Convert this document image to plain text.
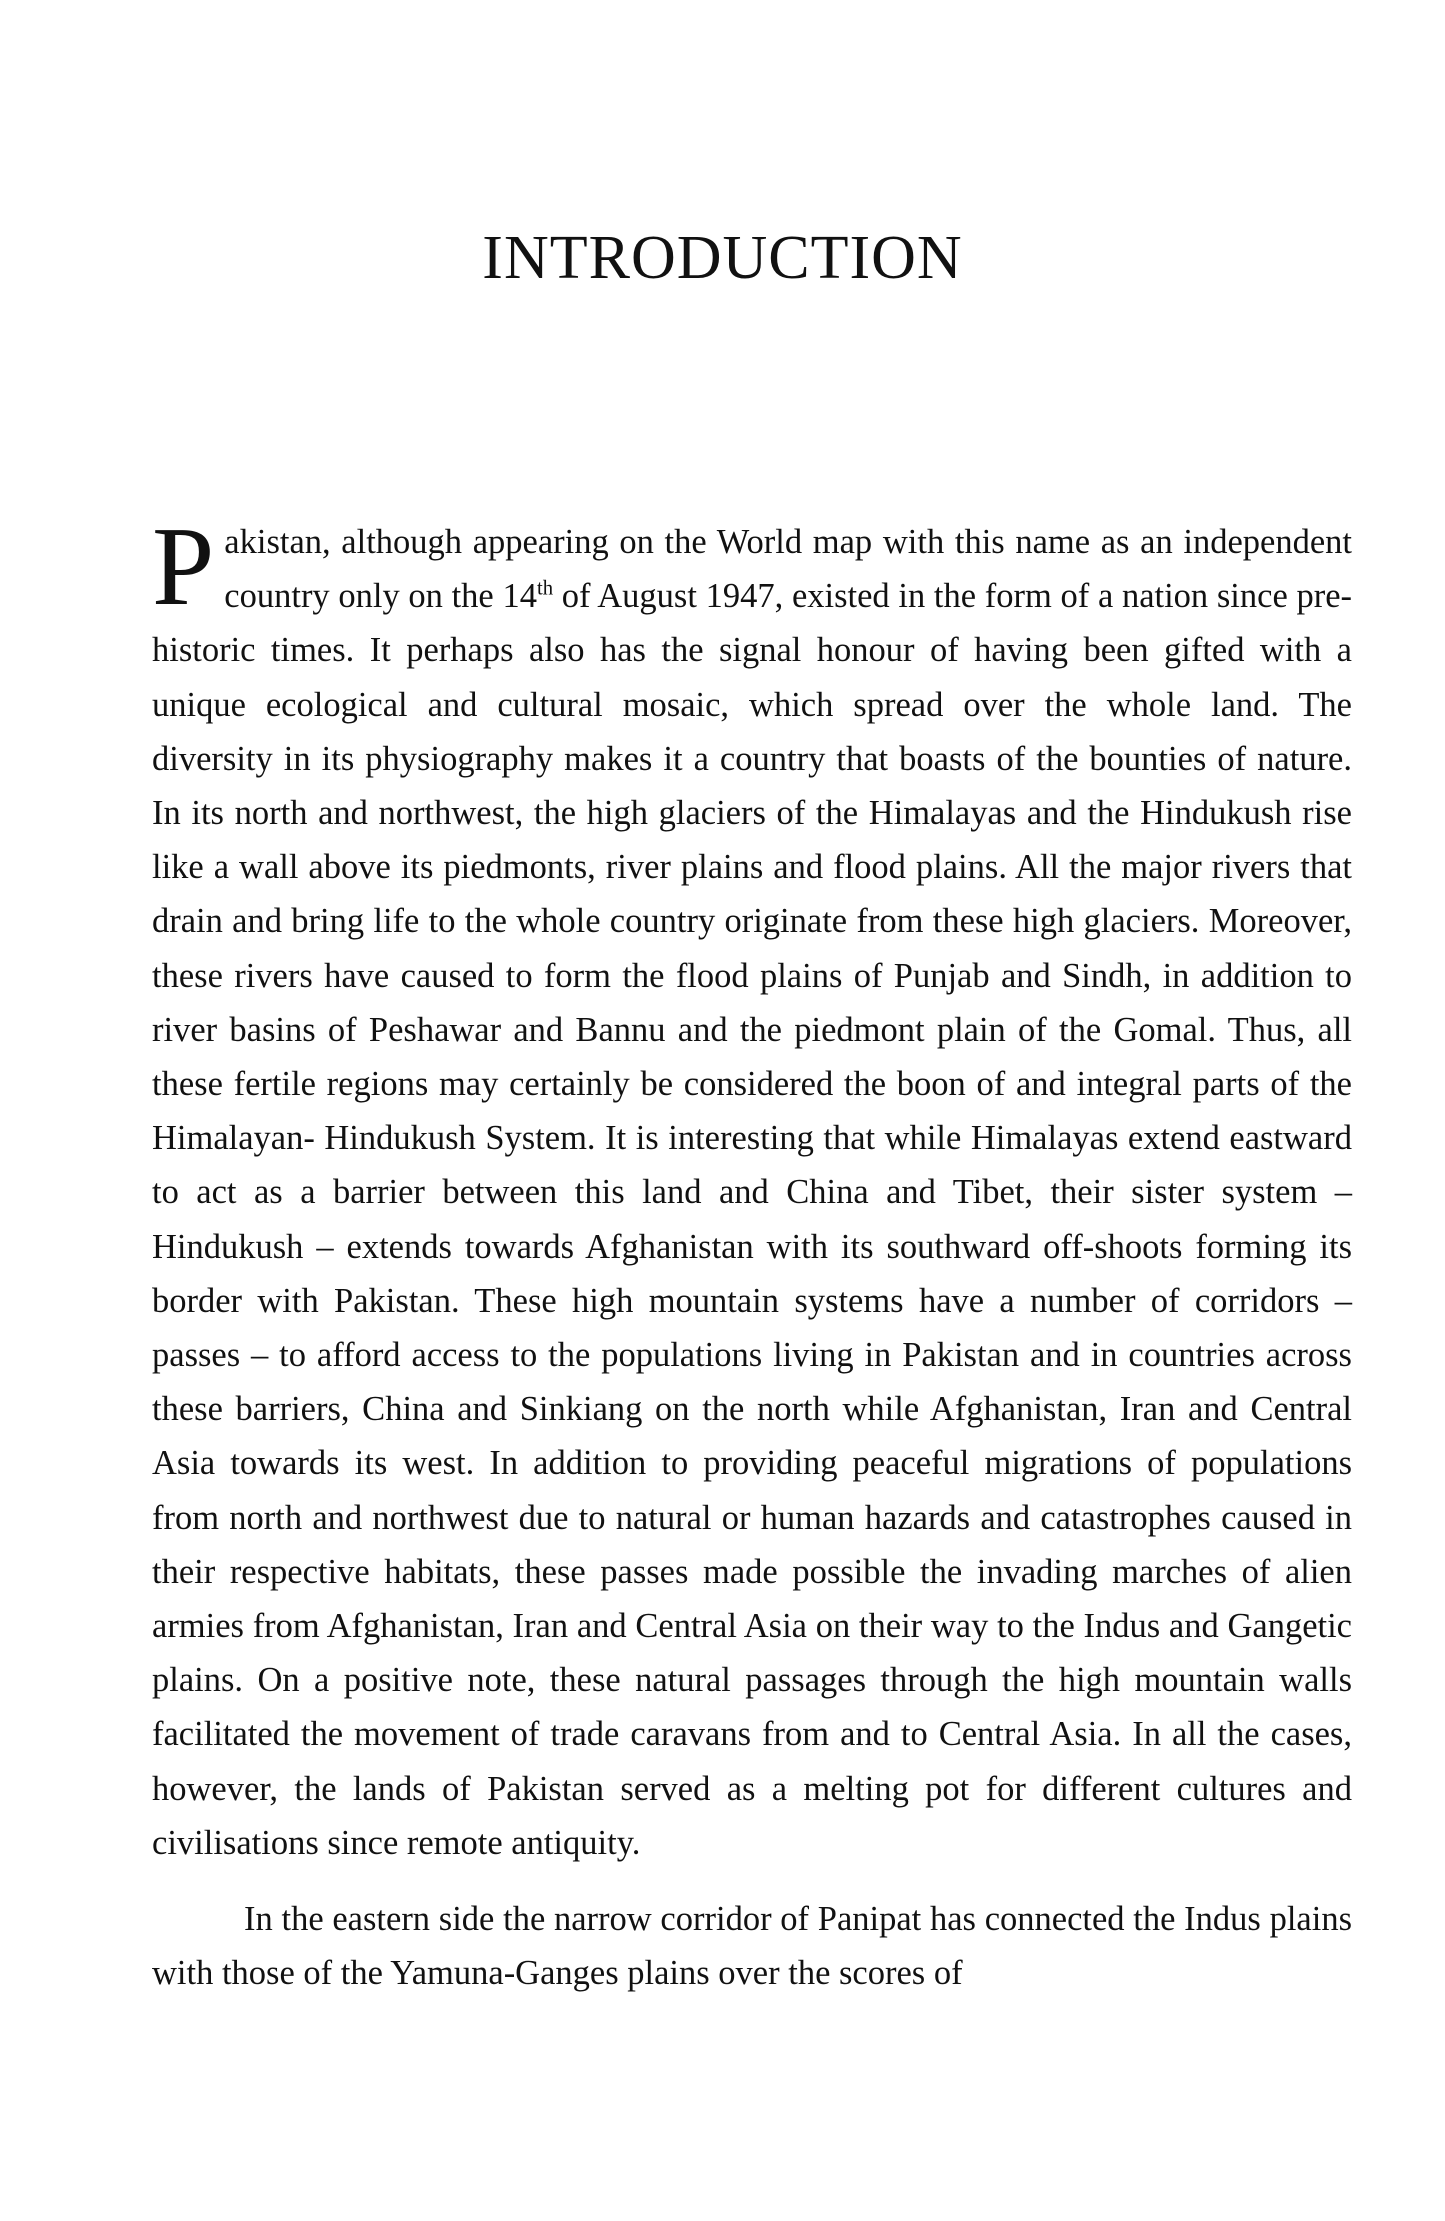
INTRODUCTION

Pakistan, although appearing on the World map with this name as an independent country only on the 14th of August 1947, existed in the form of a nation since pre-historic times. It perhaps also has the signal honour of having been gifted with a unique ecological and cultural mosaic, which spread over the whole land. The diversity in its physiography makes it a country that boasts of the bounties of nature. In its north and northwest, the high glaciers of the Himalayas and the Hindukush rise like a wall above its piedmonts, river plains and flood plains. All the major rivers that drain and bring life to the whole country originate from these high glaciers. Moreover, these rivers have caused to form the flood plains of Punjab and Sindh, in addition to river basins of Peshawar and Bannu and the piedmont plain of the Gomal. Thus, all these fertile regions may certainly be considered the boon of and integral parts of the Himalayan- Hindukush System. It is interesting that while Himalayas extend eastward to act as a barrier between this land and China and Tibet, their sister system – Hindukush – extends towards Afghanistan with its southward off-shoots forming its border with Pakistan. These high mountain systems have a number of corridors – passes – to afford access to the populations living in Pakistan and in countries across these barriers, China and Sinkiang on the north while Afghanistan, Iran and Central Asia towards its west. In addition to providing peaceful migrations of populations from north and northwest due to natural or human hazards and catastrophes caused in their respective habitats, these passes made possible the invading marches of alien armies from Afghanistan, Iran and Central Asia on their way to the Indus and Gangetic plains. On a positive note, these natural passages through the high mountain walls facilitated the movement of trade caravans from and to Central Asia. In all the cases, however, the lands of Pakistan served as a melting pot for different cultures and civilisations since remote antiquity.

In the eastern side the narrow corridor of Panipat has connected the Indus plains with those of the Yamuna-Ganges plains over the scores of
